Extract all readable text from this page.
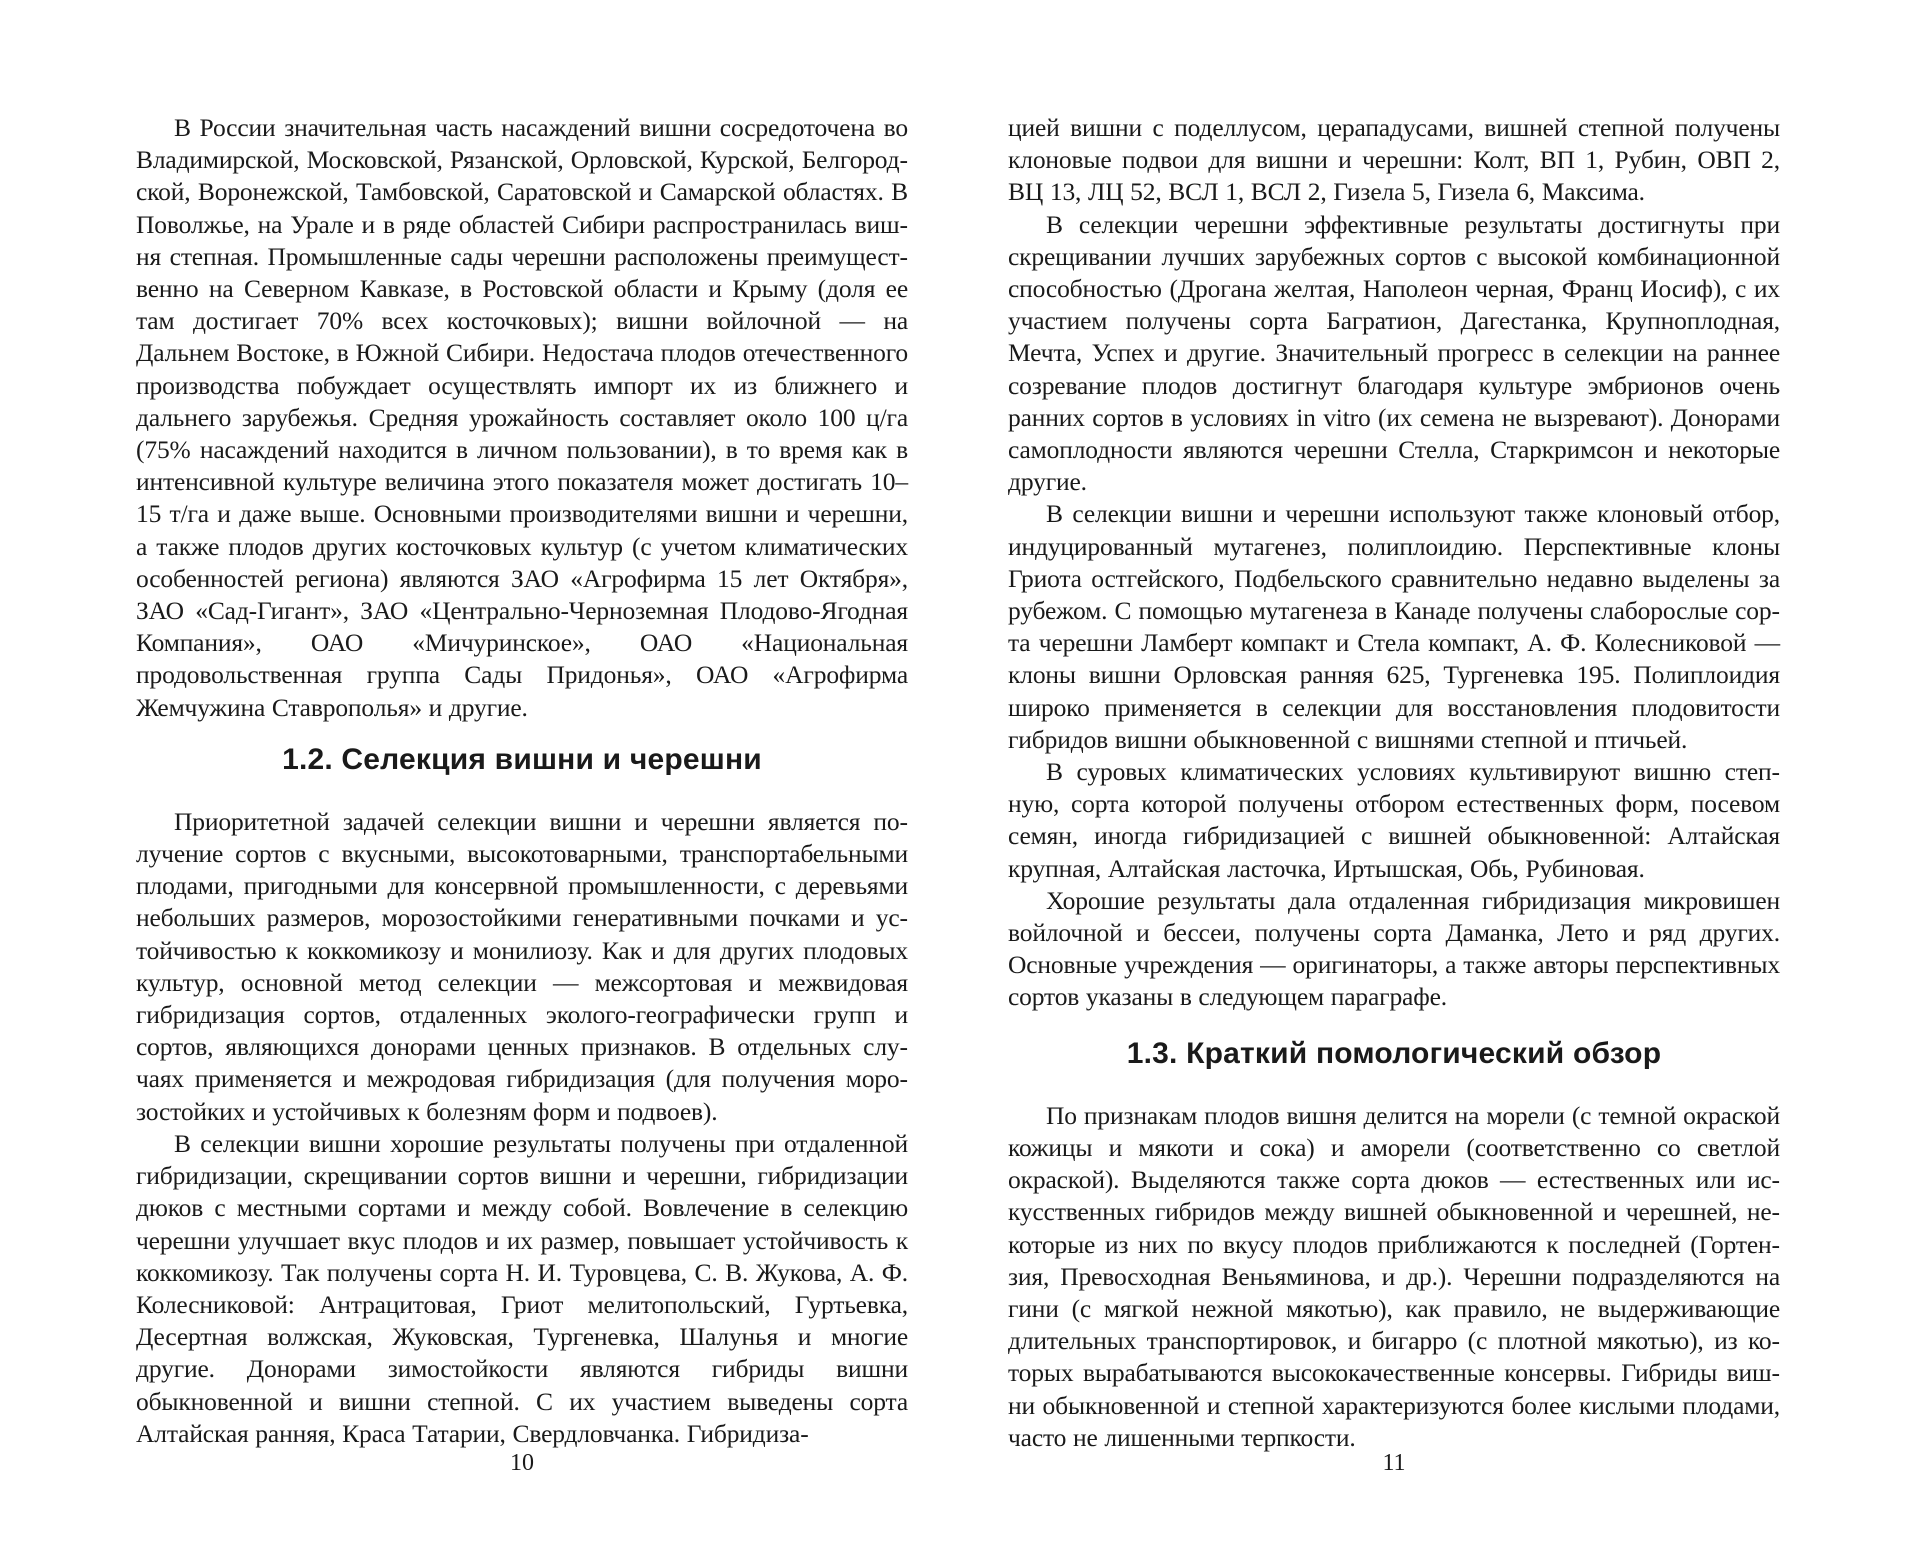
В России значительная часть насаждений вишни сосредоточена во Владимирской, Московской, Рязанской, Орловской, Курской, Белгородской, Воронежской, Тамбовской, Саратовской и Самарской областях. В Поволжье, на Урале и в ряде областей Сибири распространилась вишня степная. Промышленные сады черешни расположены преимущественно на Северном Кавказе, в Ростовской области и Крыму (доля ее там достигает 70% всех косточковых); вишни войлочной — на Дальнем Востоке, в Южной Сибири. Недостача плодов отечественного производства побуждает осуществлять импорт их из ближнего и дальнего зарубежья. Средняя урожайность составляет около 100 ц/га (75% насаждений находится в личном пользовании), в то время как в интенсивной культуре величина этого показателя может достигать 10–15 т/га и даже выше. Основными производителями вишни и черешни, а также плодов других косточковых культур (с учетом климатических особенностей региона) являются ЗАО «Агрофирма 15 лет Октября», ЗАО «Сад-Гигант», ЗАО «Центрально-Черноземная Плодово-Ягодная Компания», ОАО «Мичуринское», ОАО «Национальная продовольственная группа Сады Придонья», ОАО «Агрофирма Жемчужина Ставрополья» и другие.

1.2. Селекция вишни и черешни

Приоритетной задачей селекции вишни и черешни является получение сортов с вкусными, высокотоварными, транспортабельными плодами, пригодными для консервной промышленности, с деревьями небольших размеров, морозостойкими генеративными почками и устойчивостью к коккомикозу и монилиозу. Как и для других плодовых культур, основной метод селекции — межсортовая и межвидовая гибридизация сортов, отдаленных эколого-географически групп и сортов, являющихся донорами ценных признаков. В отдельных случаях применяется и межродовая гибридизация (для получения морозостойких и устойчивых к болезням форм и подвоев).

В селекции вишни хорошие результаты получены при отдаленной гибридизации, скрещивании сортов вишни и черешни, гибридизации дюков с местными сортами и между собой. Вовлечение в селекцию черешни улучшает вкус плодов и их размер, повышает устойчивость к коккомикозу. Так получены сорта Н. И. Туровцева, С. В. Жукова, А. Ф. Колесниковой: Антрацитовая, Гриот мелитопольский, Гуртьевка, Десертная волжская, Жуковская, Тургеневка, Шалунья и многие другие. Донорами зимостойкости являются гибриды вишни обыкновенной и вишни степной. С их участием выведены сорта Алтайская ранняя, Краса Татарии, Свердловчанка. Гибридиза-

10

цией вишни с поделлусом, церападусами, вишней степной получены клоновые подвои для вишни и черешни: Колт, ВП 1, Рубин, ОВП 2, ВЦ 13, ЛЦ 52, ВСЛ 1, ВСЛ 2, Гизела 5, Гизела 6, Максима.

В селекции черешни эффективные результаты достигнуты при скрещивании лучших зарубежных сортов с высокой комбинационной способностью (Дрогана желтая, Наполеон черная, Франц Иосиф), с их участием получены сорта Багратион, Дагестанка, Крупноплодная, Мечта, Успех и другие. Значительный прогресс в селекции на раннее созревание плодов достигнут благодаря культуре эмбрионов очень ранних сортов в условиях in vitro (их семена не вызревают). Донорами самоплодности являются черешни Стелла, Старкримсон и некоторые другие.

В селекции вишни и черешни используют также клоновый отбор, индуцированный мутагенез, полиплоидию. Перспективные клоны Гриота остгейского, Подбельского сравнительно недавно выделены за рубежом. С помощью мутагенеза в Канаде получены слаборослые сорта черешни Ламберт компакт и Стела компакт, А. Ф. Колесниковой — клоны вишни Орловская ранняя 625, Тургеневка 195. Полиплоидия широко применяется в селекции для восстановления плодовитости гибридов вишни обыкновенной с вишнями степной и птичьей.

В суровых климатических условиях культивируют вишню степную, сорта которой получены отбором естественных форм, посевом семян, иногда гибридизацией с вишней обыкновенной: Алтайская крупная, Алтайская ласточка, Иртышская, Обь, Рубиновая.

Хорошие результаты дала отдаленная гибридизация микровишен войлочной и бессеи, получены сорта Даманка, Лето и ряд других. Основные учреждения — оригинаторы, а также авторы перспективных сортов указаны в следующем параграфе.

1.3. Краткий помологический обзор

По признакам плодов вишня делится на морели (с темной окраской кожицы и мякоти и сока) и аморели (соответственно со светлой окраской). Выделяются также сорта дюков — естественных или искусственных гибридов между вишней обыкновенной и черешней, некоторые из них по вкусу плодов приближаются к последней (Гортензия, Превосходная Веньяминова, и др.). Черешни подразделяются на гини (с мягкой нежной мякотью), как правило, не выдерживающие длительных транспортировок, и бигарро (с плотной мякотью), из которых вырабатываются высококачественные консервы. Гибриды вишни обыкновенной и степной характеризуются более кислыми плодами, часто не лишенными терпкости.

11
